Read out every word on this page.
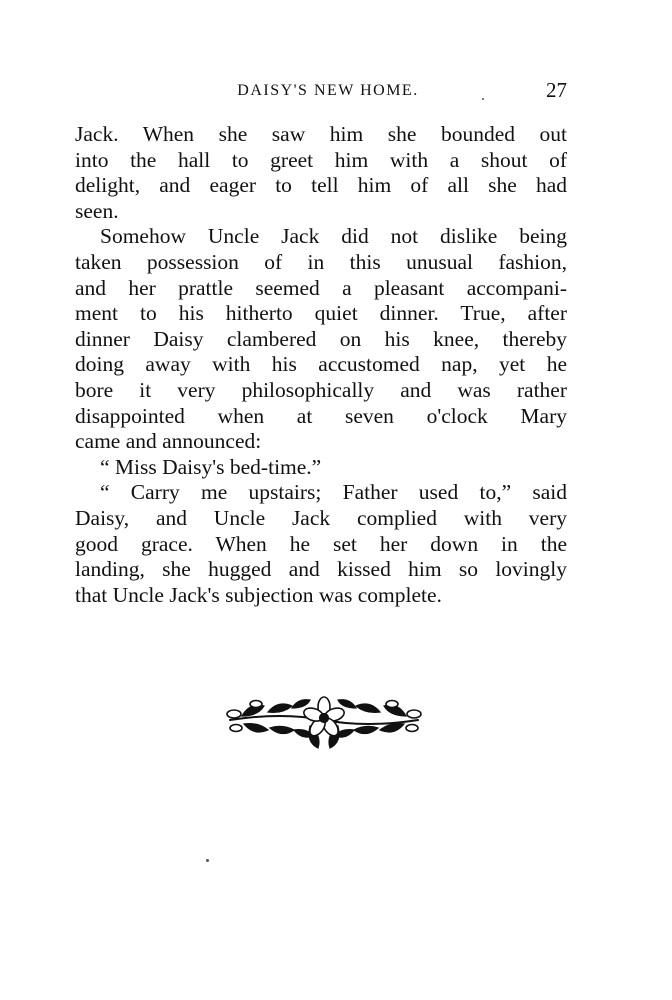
DAISY'S NEW HOME.	27
Jack. When she saw him she bounded out
into the hall to greet him with a shout of
delight, and eager to tell him of all she had
seen.
Somehow Uncle Jack did not dislike being
taken possession of in this unusual fashion,
and her prattle seemed a pleasant accompani-
ment to his hitherto quiet dinner. True, after
dinner Daisy clambered on his knee, thereby
doing away with his accustomed nap, yet he
bore it very philosophically and was rather
disappointed when at seven o'clock Mary
came and announced:
“ Miss Daisy's bed-time.”
“ Carry me upstairs; Father used to,” said
Daisy, and Uncle Jack complied with very
good grace. When he set her down in the
landing, she hugged and kissed him so lovingly
that Uncle Jack's subjection was complete.
